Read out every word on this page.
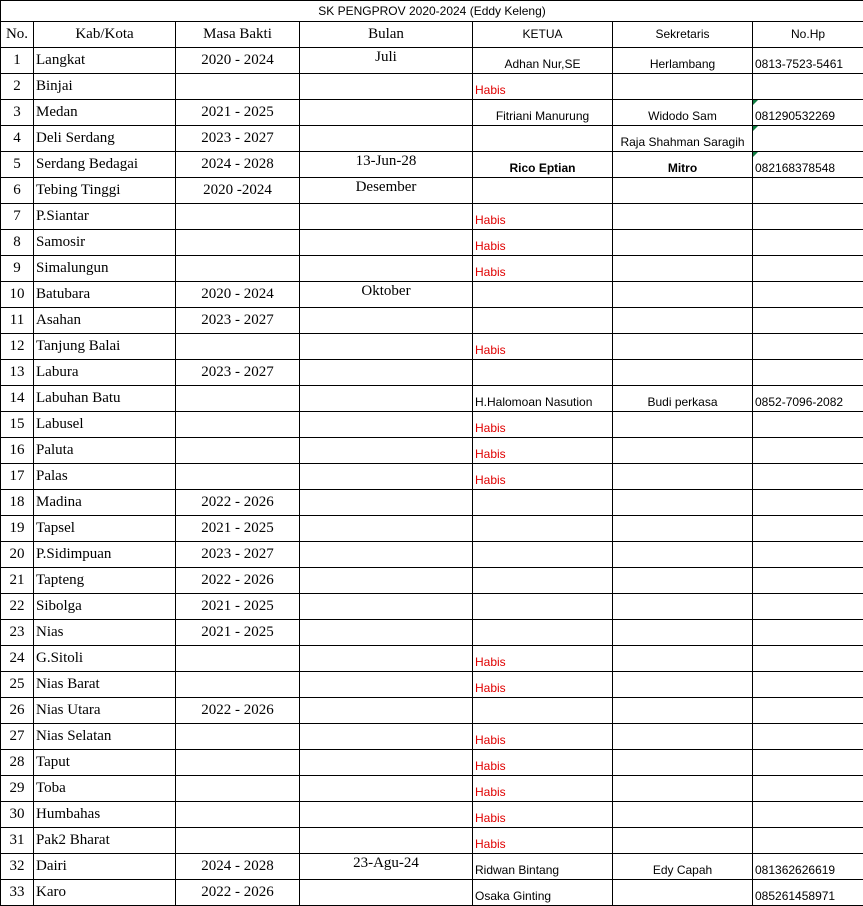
SK PENGPROV 2020-2024 (Eddy Keleng)						
No.	Kab/Kota	Masa Bakti	Bulan	KETUA	Sekretaris	No.Hp
1	Langkat	2020 - 2024	Juli	Adhan Nur,SE	Herlambang	0813-7523-5461
2	Binjai			Habis		
3	Medan	2021 - 2025		Fitriani Manurung	Widodo Sam	081290532269
4	Deli Serdang	2023 - 2027			Raja Shahman Saragih	
5	Serdang Bedagai	2024 - 2028	13-Jun-28	Rico Eptian	Mitro	082168378548
6	Tebing Tinggi	2020 -2024	Desember			
7	P.Siantar			Habis		
8	Samosir			Habis		
9	Simalungun			Habis		
10	Batubara	2020 - 2024	Oktober			
11	Asahan	2023 - 2027				
12	Tanjung Balai			Habis		
13	Labura	2023 - 2027				
14	Labuhan Batu			H.Halomoan Nasution	Budi perkasa	0852-7096-2082
15	Labusel			Habis		
16	Paluta			Habis		
17	Palas			Habis		
18	Madina	2022 - 2026				
19	Tapsel	2021 - 2025				
20	P.Sidimpuan	2023 - 2027				
21	Tapteng	2022 - 2026				
22	Sibolga	2021 - 2025				
23	Nias	2021 - 2025				
24	G.Sitoli			Habis		
25	Nias Barat			Habis		
26	Nias Utara	2022 - 2026				
27	Nias Selatan			Habis		
28	Taput			Habis		
29	Toba			Habis		
30	Humbahas			Habis		
31	Pak2 Bharat			Habis		
32	Dairi	2024 - 2028	23-Agu-24	Ridwan Bintang	Edy Capah	081362626619
33	Karo	2022 - 2026		Osaka Ginting		085261458971
